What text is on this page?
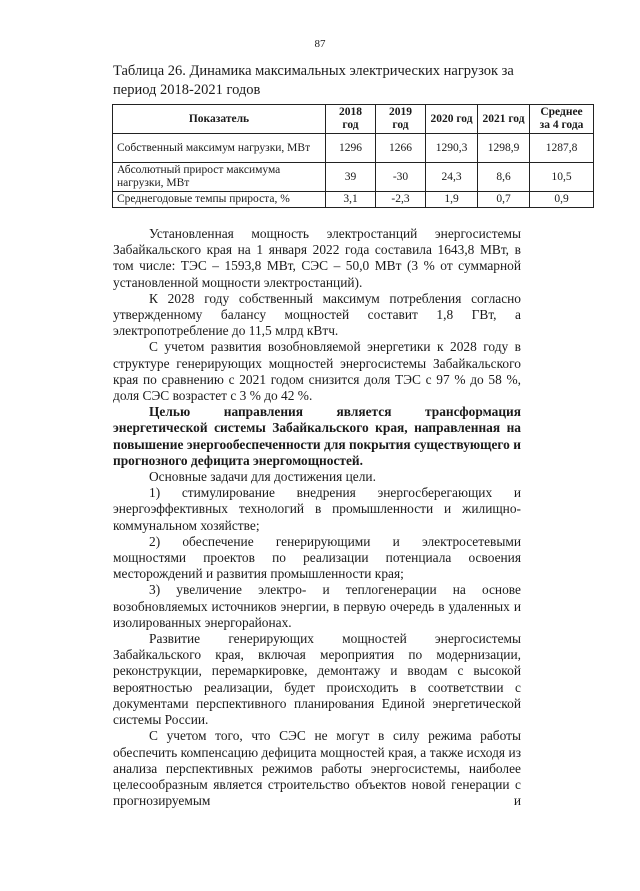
87
Таблица 26. Динамика максимальных электрических нагрузок за период 2018-2021 годов
Показатель	2018 год	2019 год	2020 год	2021 год	Среднее за 4 года
Собственный максимум нагрузки, МВт	1296	1266	1290,3	1298,9	1287,8
Абсолютный прирост максимума нагрузки, МВт	39	-30	24,3	8,6	10,5
Среднегодовые темпы прироста, %	3,1	-2,3	1,9	0,7	0,9

Установленная мощность электростанций энергосистемы Забайкальского края на 1 января 2022 года составила 1643,8 МВт, в том числе: ТЭС – 1593,8 МВт, СЭС – 50,0 МВт (3 % от суммарной установленной мощности электростанций).

К 2028 году собственный максимум потребления согласно утвержденному балансу мощностей составит 1,8 ГВт, а электропотребление до 11,5 млрд кВтч.

С учетом развития возобновляемой энергетики к 2028 году в структуре генерирующих мощностей энергосистемы Забайкальского края по сравнению с 2021 годом снизится доля ТЭС с 97 % до 58 %, доля СЭС возрастет с 3 % до 42 %.

Целью направления является трансформация энергетической системы Забайкальского края, направленная на повышение энергообеспеченности для покрытия существующего и прогнозного дефицита энергомощностей.

Основные задачи для достижения цели.

1) стимулирование внедрения энергосберегающих и энергоэффективных технологий в промышленности и жилищно-коммунальном хозяйстве;

2) обеспечение генерирующими и электросетевыми мощностями проектов по реализации потенциала освоения месторождений и развития промышленности края;

3) увеличение электро- и теплогенерации на основе возобновляемых источников энергии, в первую очередь в удаленных и изолированных энергорайонах.

Развитие генерирующих мощностей энергосистемы Забайкальского края, включая мероприятия по модернизации, реконструкции, перемаркировке, демонтажу и вводам с высокой вероятностью реализации, будет происходить в соответствии с документами перспективного планирования Единой энергетической системы России.

С учетом того, что СЭС не могут в силу режима работы обеспечить компенсацию дефицита мощностей края, а также исходя из анализа перспективных режимов работы энергосистемы, наиболее целесообразным является строительство объектов новой генерации с прогнозируемым и
